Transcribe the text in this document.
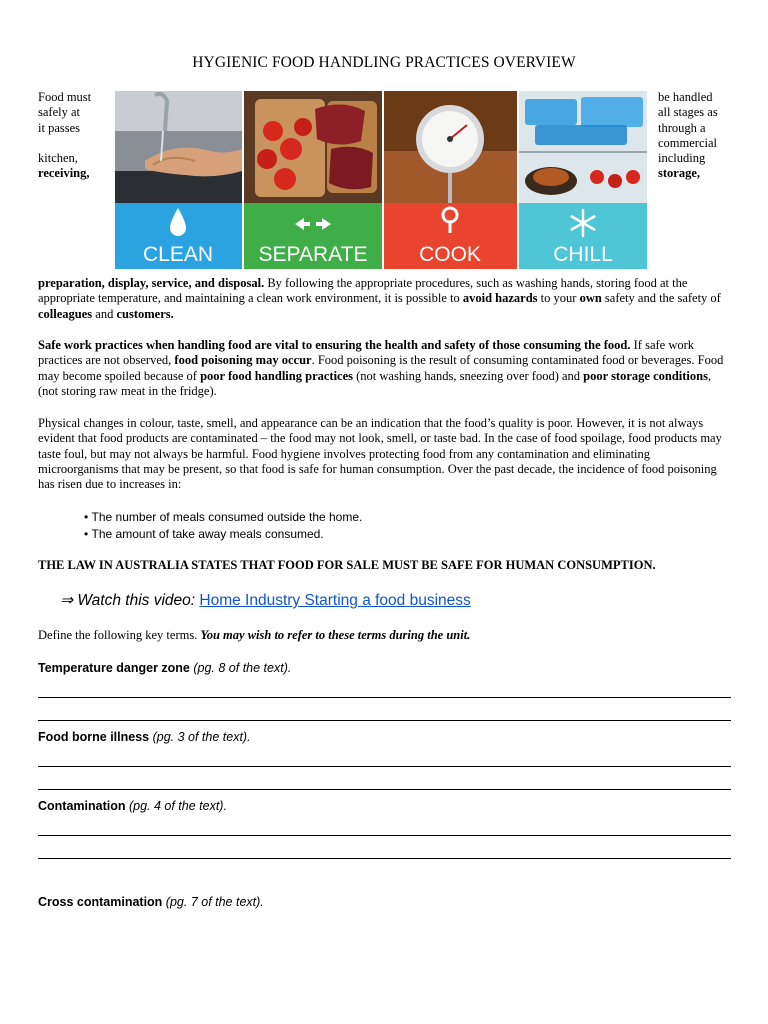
HYGIENIC FOOD HANDLING PRACTICES OVERVIEW
Food must
safely at
it passes

kitchen,
receiving,
be handled
all stages as
through a
commercial
including
storage,
CLEAN SEPARATE COOK	CHILL
preparation, display, service, and disposal. By following the appropriate procedures, such as washing hands, storing food at the appropriate temperature, and maintaining a clean work environment, it is possible to avoid hazards to your own safety and the safety of colleagues and customers.
Safe work practices when handling food are vital to ensuring the health and safety of those consuming the food. If safe work practices are not observed, food poisoning may occur. Food poisoning is the result of consuming contaminated food or beverages. Food may become spoiled because of poor food handling practices (not washing hands, sneezing over food) and poor storage conditions, (not storing raw meat in the fridge).
Physical changes in colour, taste, smell, and appearance can be an indication that the food’s quality is poor. However, it is not always evident that food products are contaminated – the food may not look, smell, or taste bad. In the case of food spoilage, food products may taste foul, but may not always be harmful. Food hygiene involves protecting food from any contamination and eliminating microorganisms that may be present, so that food is safe for human consumption. Over the past decade, the incidence of food poisoning has risen due to increases in:
• The number of meals consumed outside the home.
• The amount of take away meals consumed.
THE LAW IN AUSTRALIA STATES THAT FOOD FOR SALE MUST BE SAFE FOR HUMAN CONSUMPTION.
⇒ Watch this video: Home Industry Starting a food business
Define the following key terms. You may wish to refer to these terms during the unit.
Temperature danger zone (pg. 8 of the text).
Food borne illness (pg. 3 of the text).
Contamination (pg. 4 of the text).
Cross contamination (pg. 7 of the text).
